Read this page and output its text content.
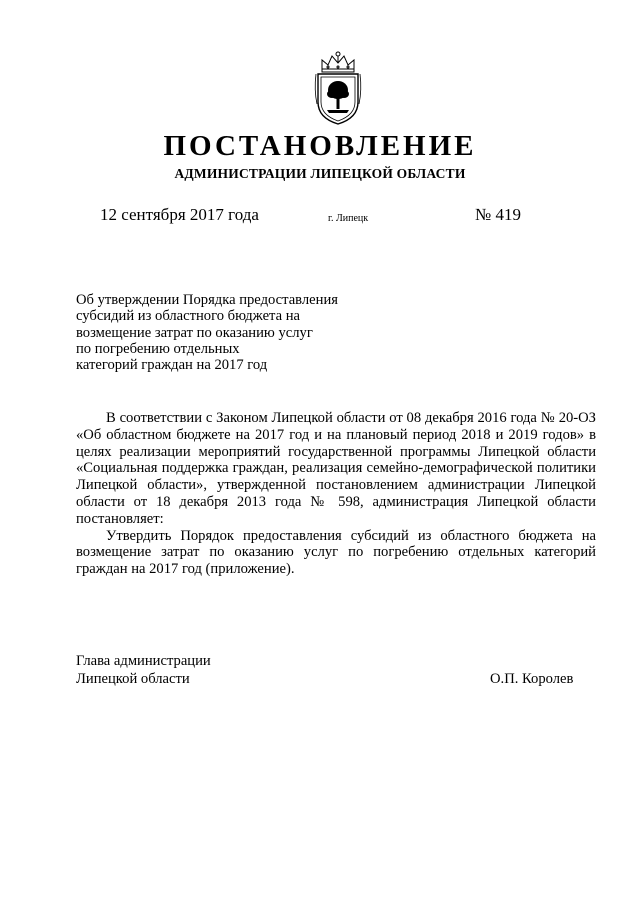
ПОСТАНОВЛЕНИЕ
АДМИНИСТРАЦИИ ЛИПЕЦКОЙ ОБЛАСТИ
12 сентября 2017 года	г. Липецк	№ 419
Об утверждении Порядка предоставления
субсидий из областного бюджета на
возмещение затрат по оказанию услуг
по погребению отдельных
категорий граждан на 2017 год

В соответствии с Законом Липецкой области от 08 декабря 2016 года № 20-ОЗ «Об областном бюджете на 2017 год и на плановый период 2018 и 2019 годов» в целях реализации мероприятий государственной программы Липецкой области «Социальная поддержка граждан, реализация семейно-демографической политики Липецкой области», утвержденной постановлением администрации Липецкой области от 18 декабря 2013 года № 598, администрация Липецкой области постановляет:

Утвердить Порядок предоставления субсидий из областного бюджета на возмещение затрат по оказанию услуг по погребению отдельных категорий граждан на 2017 год (приложение).

Глава администрации
Липецкой области	О.П. Королев
